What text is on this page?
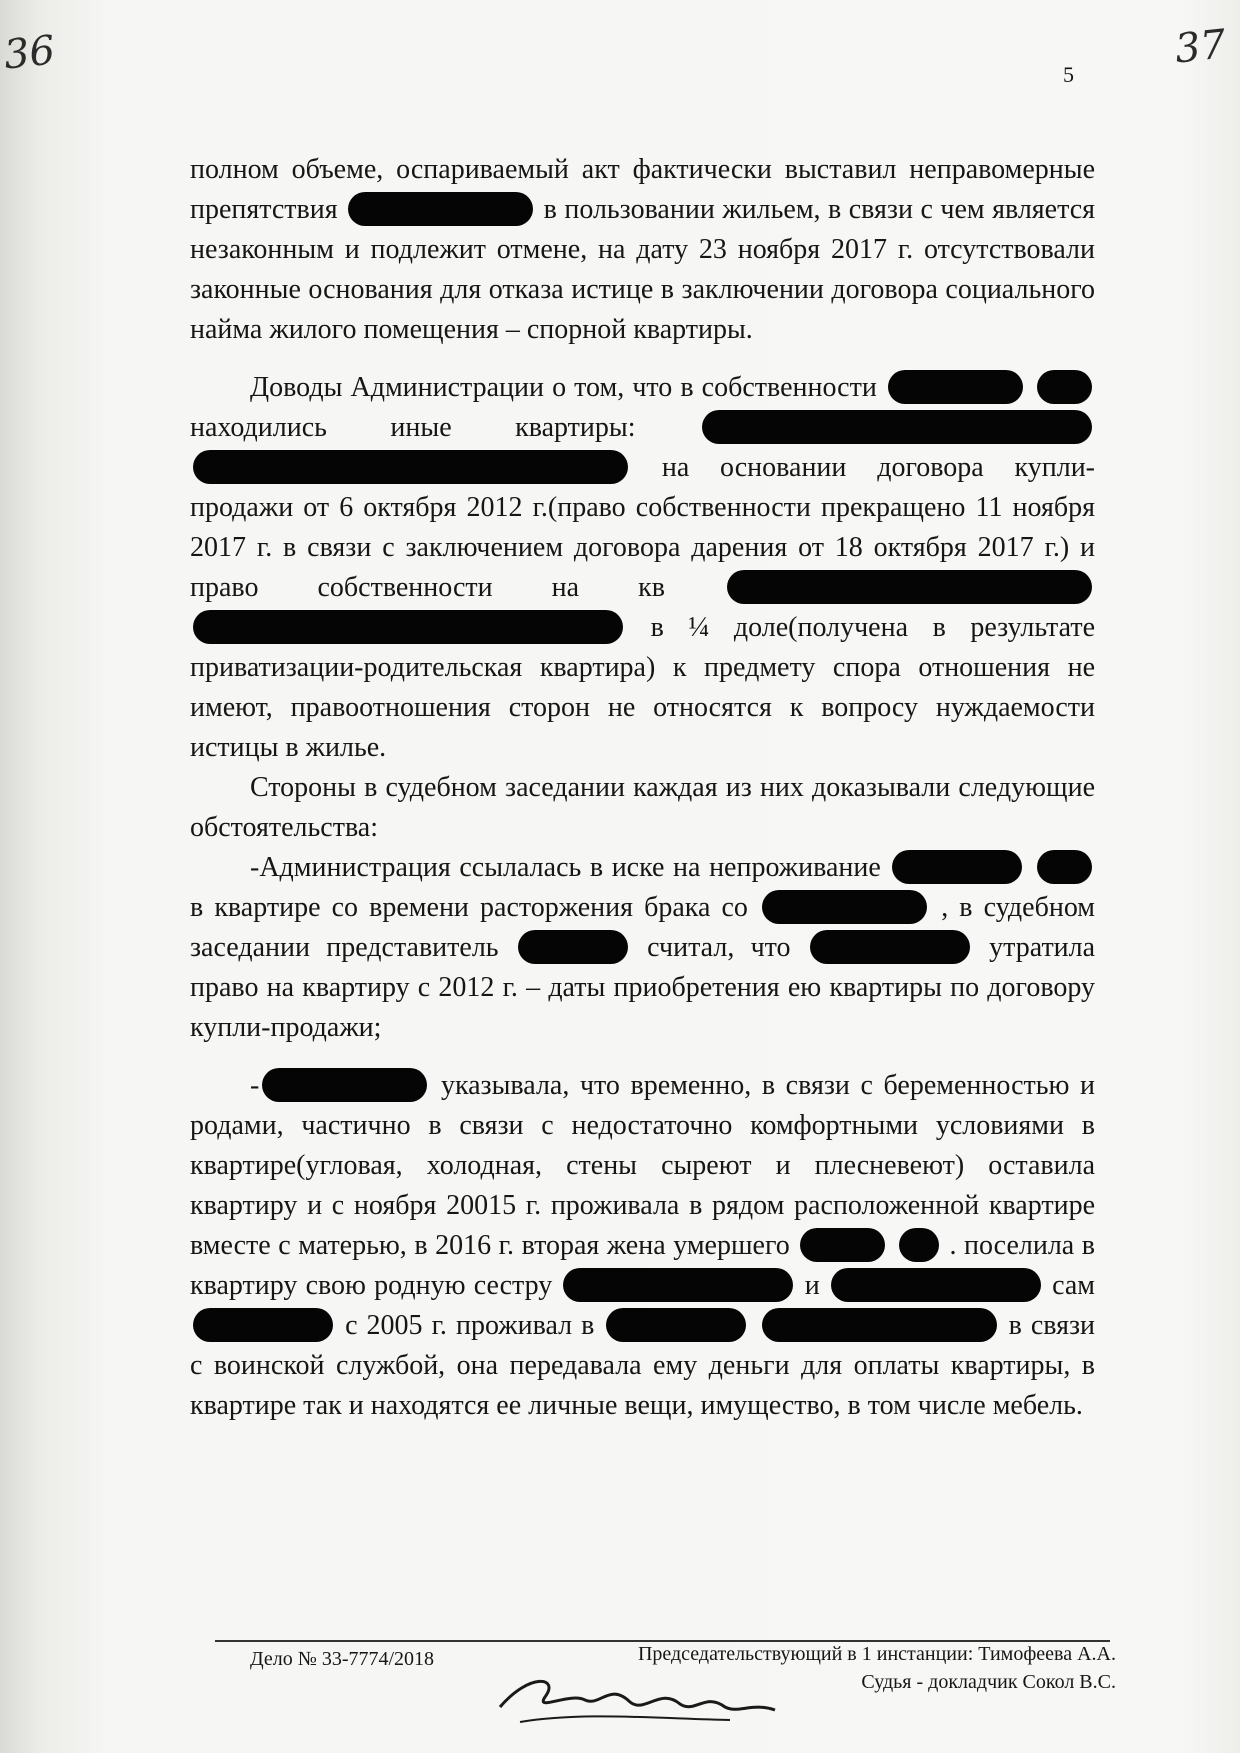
36	37
5

полном объеме, оспариваемый акт фактически выставил неправомерные препятствия	в пользовании жильем, в связи с чем является незаконным и подлежит отмене, на дату 23 ноября 2017 г. отсутствовали законные основания для отказа истице в заключении договора социального найма жилого помещения – спорной квартиры.

Доводы Администрации о том, что в собственности   находились иные квартиры:   на основании договора купли-продажи от 6 октября 2012 г.(право собственности прекращено 11 ноября 2017 г. в связи с заключением договора дарения от 18 октября 2017 г.) и право собственности на кв   в ¼ доле(получена в результате приватизации-родительская квартира) к предмету спора отношения не имеют, правоотношения сторон не относятся к вопросу нуждаемости истицы в жилье.

Стороны в судебном заседании каждая из них доказывали следующие обстоятельства:

-Администрация ссылалась в иске на непроживание   в квартире со времени расторжения брака со	, в судебном заседании представитель	считал, что	утратила право на квартиру с 2012 г. – даты приобретения ею квартиры по договору купли-продажи;

-	указывала, что временно, в связи с беременностью и родами, частично в связи с недостаточно комфортными условиями в квартире(угловая, холодная, стены сыреют и плесневеют) оставила квартиру и с ноября 20015 г. проживала в рядом расположенной квартире вместе с матерью, в 2016 г. вторая жена умершего	. поселила в квартиру свою родную сестру	и	сам  с 2005 г. проживал в	в связи с воинской службой, она передавала ему деньги для оплаты квартиры, в квартире так и находятся ее личные вещи, имущество, в том числе мебель.

Дело № 33-7774/2018	Председательствующий в 1 инстанции: Тимофеева А.А.
Судья - докладчик Сокол В.С.
